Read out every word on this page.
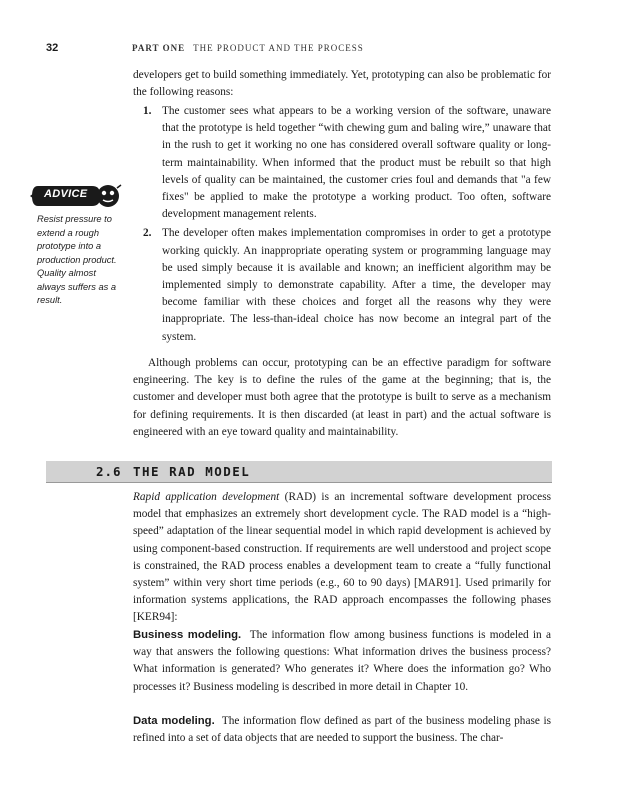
32	PART ONE THE PRODUCT AND THE PROCESS

developers get to build something immediately. Yet, prototyping can also be problematic for the following reasons:

1. The customer sees what appears to be a working version of the software, unaware that the prototype is held together “with chewing gum and baling wire,” unaware that in the rush to get it working no one has considered overall software quality or long-term maintainability. When informed that the product must be rebuilt so that high levels of quality can be maintained, the customer cries foul and demands that "a few fixes" be applied to make the prototype a working product. Too often, software development management relents.
2. The developer often makes implementation compromises in order to get a prototype working quickly. An inappropriate operating system or programming language may be used simply because it is available and known; an inefficient algorithm may be implemented simply to demonstrate capability. After a time, the developer may become familiar with these choices and forget all the reasons why they were inappropriate. The less-than-ideal choice has now become an integral part of the system.

Although problems can occur, prototyping can be an effective paradigm for software engineering. The key is to define the rules of the game at the beginning; that is, the customer and developer must both agree that the prototype is built to serve as a mechanism for defining requirements. It is then discarded (at least in part) and the actual software is engineered with an eye toward quality and maintainability.

ADVICE
Resist pressure to extend a rough prototype into a production product. Quality almost always suffers as a result.
2.6 THE RAD MODEL

Rapid application development (RAD) is an incremental software development process model that emphasizes an extremely short development cycle. The RAD model is a “high-speed” adaptation of the linear sequential model in which rapid development is achieved by using component-based construction. If requirements are well understood and project scope is constrained, the RAD process enables a development team to create a “fully functional system” within very short time periods (e.g., 60 to 90 days) [MAR91]. Used primarily for information systems applications, the RAD approach encompasses the following phases [KER94]:

Business modeling. The information flow among business functions is modeled in a way that answers the following questions: What information drives the business process? What information is generated? Who generates it? Where does the information go? Who processes it? Business modeling is described in more detail in Chapter 10.

Data modeling. The information flow defined as part of the business modeling phase is refined into a set of data objects that are needed to support the business. The char-
